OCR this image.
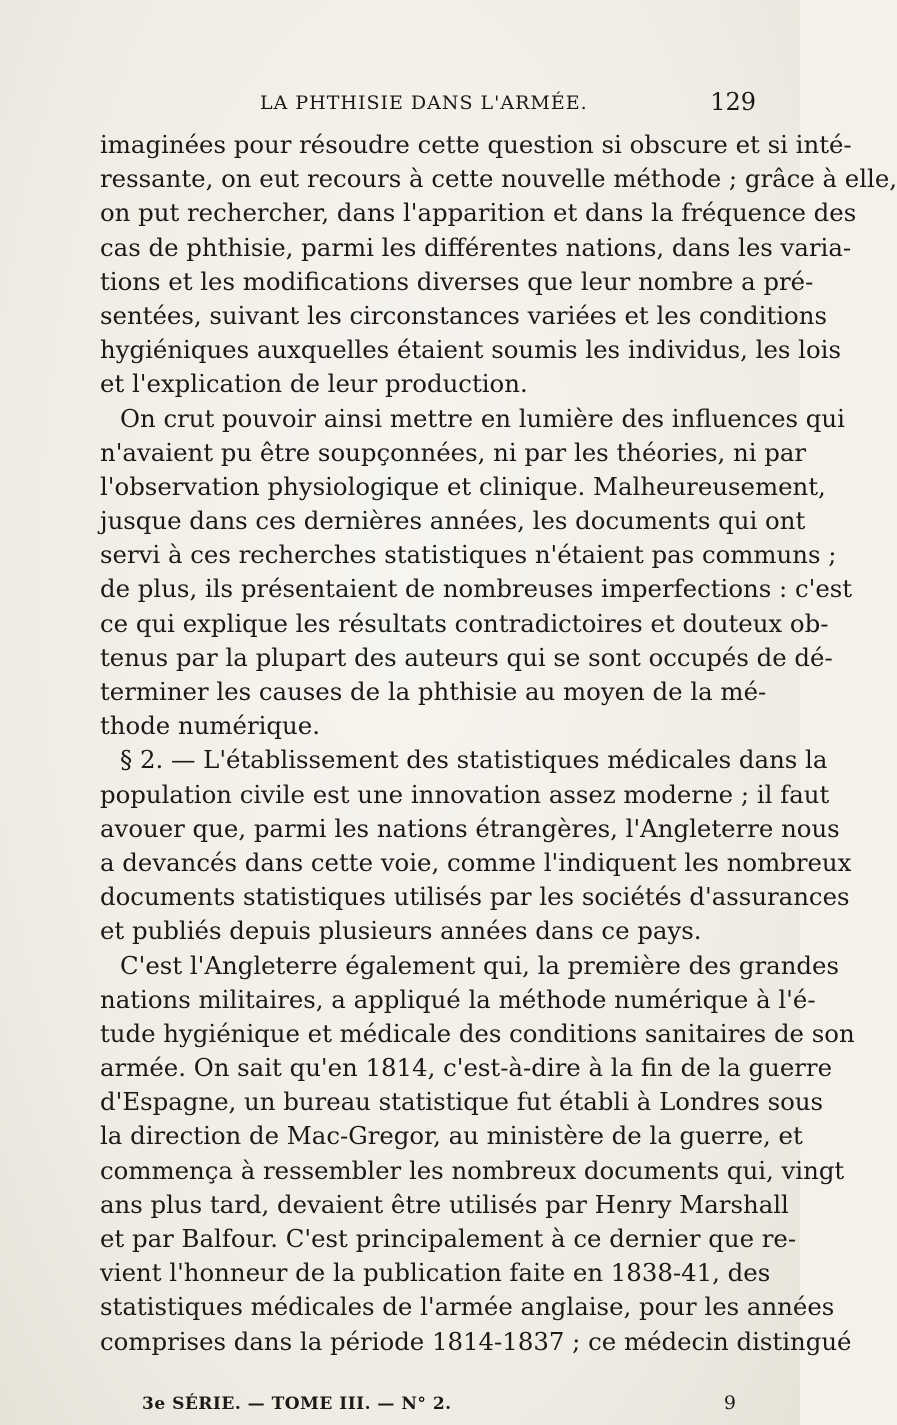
LA PHTHISIE DANS L'ARMÉE.	129
imaginées pour résoudre cette question si obscure et si inté-
ressante, on eut recours à cette nouvelle méthode ; grâce à elle,
on put rechercher, dans l'apparition et dans la fréquence des
cas de phthisie, parmi les différentes nations, dans les varia-
tions et les modifications diverses que leur nombre a pré-
sentées, suivant les circonstances variées et les conditions
hygiéniques auxquelles étaient soumis les individus, les lois
et l'explication de leur production.
On crut pouvoir ainsi mettre en lumière des influences qui
n'avaient pu être soupçonnées, ni par les théories, ni par
l'observation physiologique et clinique. Malheureusement,
jusque dans ces dernières années, les documents qui ont
servi à ces recherches statistiques n'étaient pas communs ;
de plus, ils présentaient de nombreuses imperfections : c'est
ce qui explique les résultats contradictoires et douteux ob-
tenus par la plupart des auteurs qui se sont occupés de dé-
terminer les causes de la phthisie au moyen de la mé-
thode numérique.
§ 2. — L'établissement des statistiques médicales dans la
population civile est une innovation assez moderne ; il faut
avouer que, parmi les nations étrangères, l'Angleterre nous
a devancés dans cette voie, comme l'indiquent les nombreux
documents statistiques utilisés par les sociétés d'assurances
et publiés depuis plusieurs années dans ce pays.
C'est l'Angleterre également qui, la première des grandes
nations militaires, a appliqué la méthode numérique à l'é-
tude hygiénique et médicale des conditions sanitaires de son
armée. On sait qu'en 1814, c'est-à-dire à la fin de la guerre
d'Espagne, un bureau statistique fut établi à Londres sous
la direction de Mac-Gregor, au ministère de la guerre, et
commença à ressembler les nombreux documents qui, vingt
ans plus tard, devaient être utilisés par Henry Marshall
et par Balfour. C'est principalement à ce dernier que re-
vient l'honneur de la publication faite en 1838-41, des
statistiques médicales de l'armée anglaise, pour les années
comprises dans la période 1814-1837 ; ce médecin distingué
3e SÉRIE. — TOME III. — N° 2.	9
